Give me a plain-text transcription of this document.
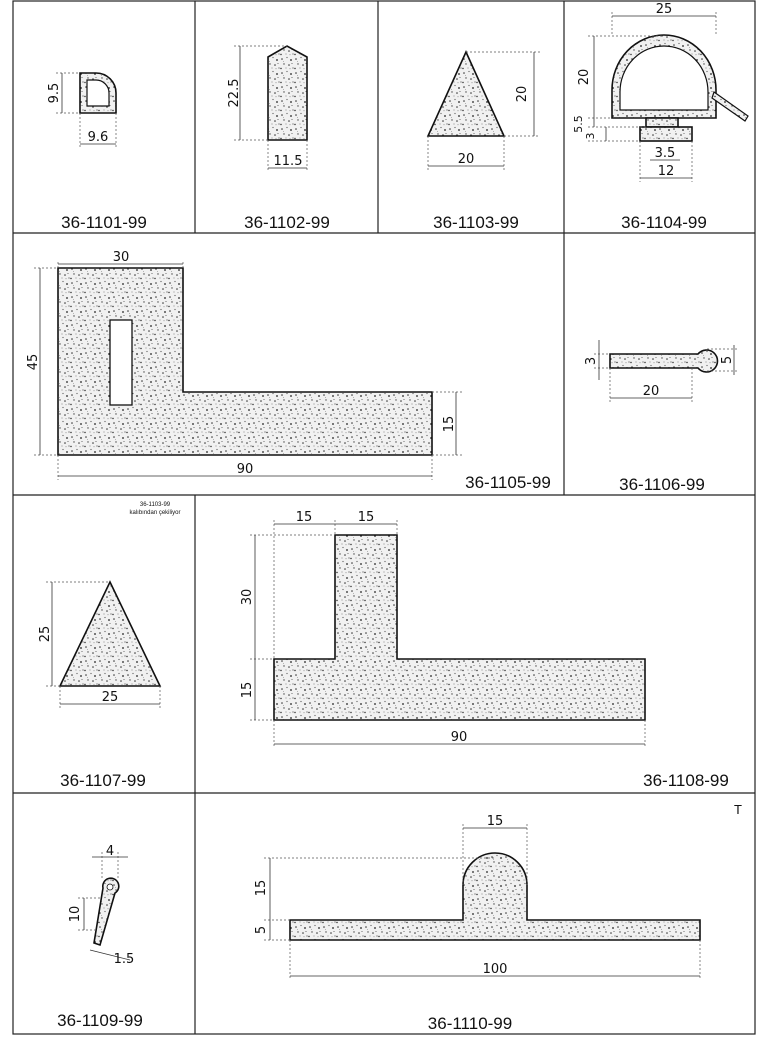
9.5
9.6
36-1101-99
22.5
11.5
36-1102-99
20
20
36-1103-99
25
20
5.5
3
3.5
12
36-1104-99
30
45
15
90
36-1105-99
3	5
20
36-1106-99
36-1103-99
kalıbından çekiliyor
25
25
36-1107-99
15	15
30
15
90
36-1108-99
4
10
1.5
36-1109-99
15
15
5
100
36-1110-99
T
